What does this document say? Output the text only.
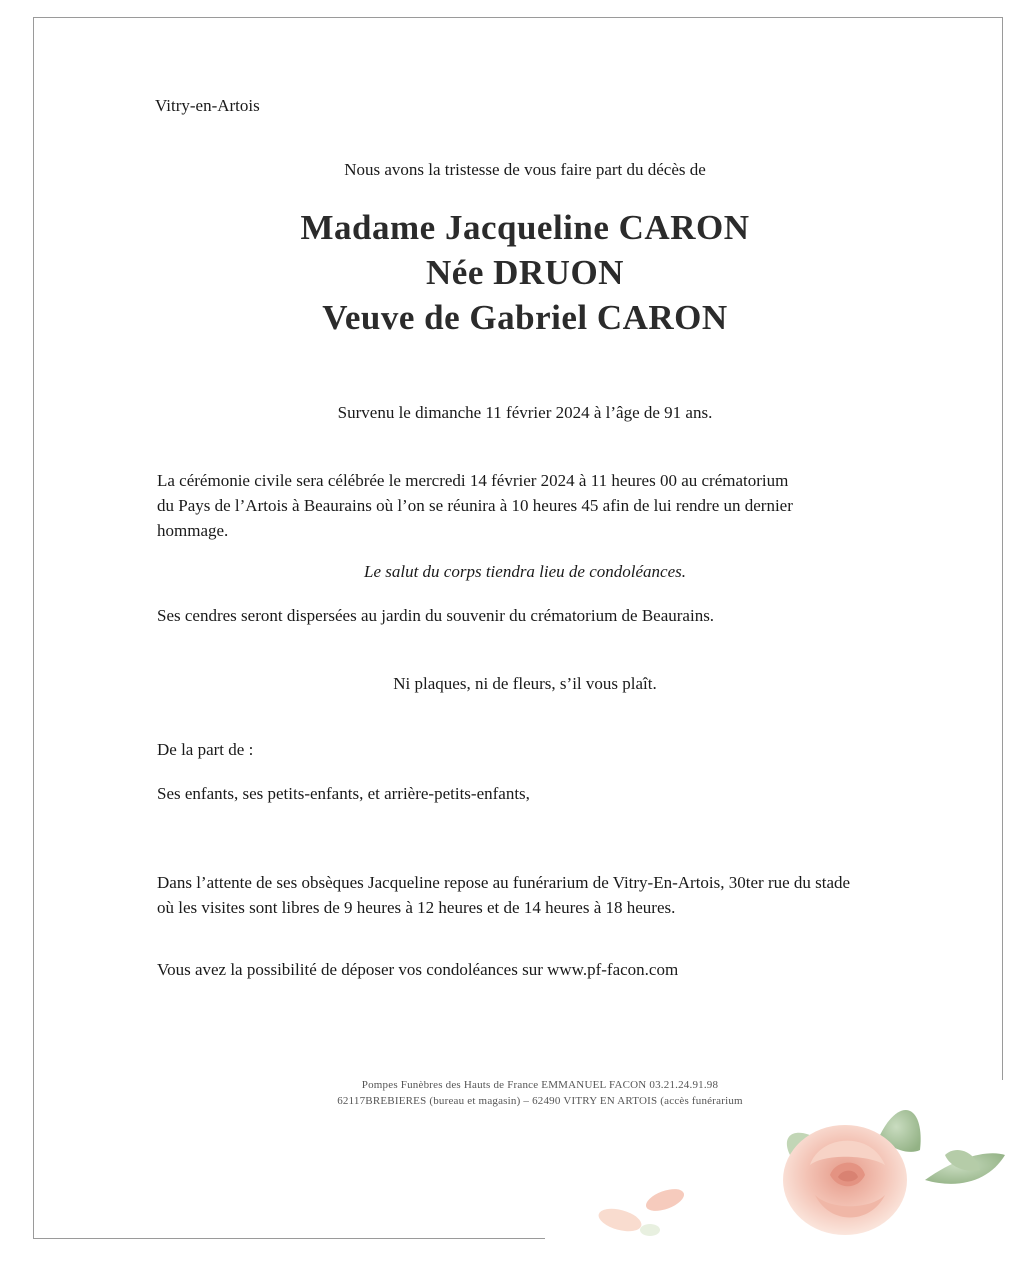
Vitry-en-Artois
Nous avons la tristesse de vous faire part du décès de
Madame Jacqueline CARON
Née DRUON
Veuve de Gabriel CARON
Survenu le dimanche 11 février 2024 à l’âge de 91 ans.
La cérémonie civile sera célébrée le mercredi 14 février 2024 à 11 heures 00 au crématorium
du Pays de l’Artois à Beaurains où l’on se réunira à 10 heures 45 afin de lui rendre un dernier
hommage.
Le salut du corps tiendra lieu de condoléances.
Ses cendres seront dispersées au jardin du souvenir du crématorium de Beaurains.
Ni plaques, ni de fleurs, s’il vous plaît.
De la part de :
Ses enfants, ses petits-enfants, et arrière-petits-enfants,
Dans l’attente de ses obsèques Jacqueline repose au funérarium de Vitry-En-Artois, 30ter rue du stade
où les visites sont libres de 9 heures à 12 heures et de 14 heures à 18 heures.
Vous avez la possibilité de déposer vos condoléances sur www.pf-facon.com
Pompes Funèbres des Hauts de France EMMANUEL FACON 03.21.24.91.98
62117BREBIERES (bureau et magasin) – 62490 VITRY EN ARTOIS (accès funérarium
